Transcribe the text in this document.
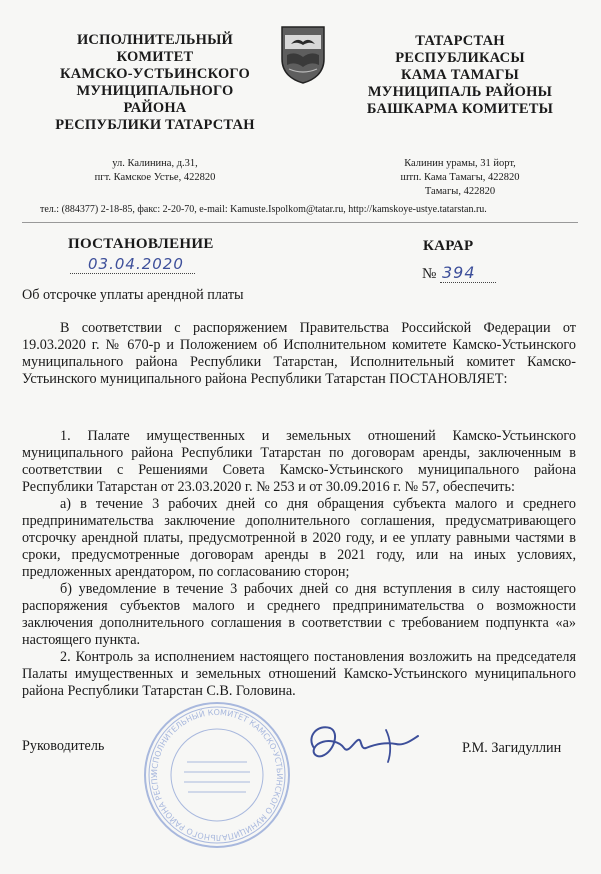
ИСПОЛНИТЕЛЬНЫЙ
КОМИТЕТ
КАМСКО-УСТЬИНСКОГО
МУНИЦИПАЛЬНОГО
РАЙОНА
РЕСПУБЛИКИ ТАТАРСТАН
ул. Калинина, д.31,
пгт. Камское Устье, 422820
ТАТАРСТАН
РЕСПУБЛИКАСЫ
КАМА ТАМАГЫ
МУНИЦИПАЛЬ РАЙОНЫ
БАШКАРМА КОМИТЕТЫ
Калинин урамы, 31 йорт,
штп. Кама Тамагы, 422820
Тамагы, 422820
тел.: (884377) 2-18-85, факс: 2-20-70, e-mail: Kamuste.Ispolkom@tatar.ru, http://kamskoye-ustye.tatarstan.ru.
ПОСТАНОВЛЕНИЕ	КАРАР
03.04.2020
№ 394
Об отсрочке уплаты арендной платы

В соответствии с распоряжением Правительства Российской Федерации от 19.03.2020 г. № 670-р и Положением об Исполнительном комитете Камско-Устьинского муниципального района Республики Татарстан, Исполнительный комитет Камско-Устьинского муниципального района Республики Татарстан ПОСТАНОВЛЯЕТ:

1. Палате имущественных и земельных отношений Камско-Устьинского муниципального района Республики Татарстан по договорам аренды, заключенным в соответствии с Решениями Совета Камско-Устьинского муниципального района Республики Татарстан от 23.03.2020 г. № 253 и от 30.09.2016 г. № 57, обеспечить:

а) в течение 3 рабочих дней со дня обращения субъекта малого и среднего предпринимательства заключение дополнительного соглашения, предусматривающего отсрочку арендной платы, предусмотренной в 2020 году, и ее уплату равными частями в сроки, предусмотренные договорам аренды в 2021 году, или на иных условиях, предложенных арендатором, по согласованию сторон;

б) уведомление в течение 3 рабочих дней со дня вступления в силу настоящего распоряжения субъектов малого и среднего предпринимательства о возможности заключения дополнительного соглашения в соответствии с требованием подпункта «а» настоящего пункта.

2. Контроль за исполнением настоящего постановления возложить на председателя Палаты имущественных и земельных отношений Камско-Устьинского муниципального района Республики Татарстан С.В. Головина.

ИСПОЛНИТЕЛЬНЫЙ КОМИТЕТ КАМСКО-УСТЬИНСКОГО МУНИЦИПАЛЬНОГО РАЙОНА РЕСПУ
Руководитель	Р.М. Загидуллин
